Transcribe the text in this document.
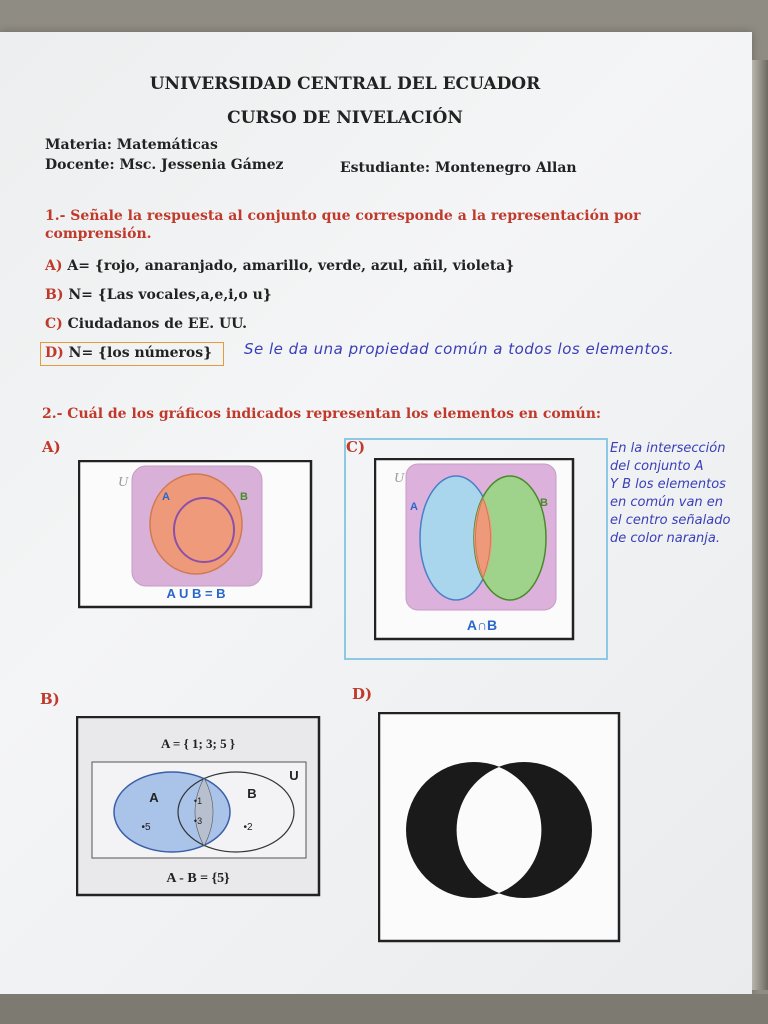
UNIVERSIDAD CENTRAL DEL ECUADOR
CURSO DE NIVELACIÓN
Materia: Matemáticas
Docente: Msc. Jessenia Gámez	Estudiante: Montenegro Allan
1.- Señale la respuesta al conjunto que corresponde a la representación por
comprensión.
A) A= {rojo, anaranjado, amarillo, verde, azul, añil, violeta}
B) N= {Las vocales,a,e,i,o u}
C) Ciudadanos de EE. UU.
D) N= {los números} Se le da una propiedad común a todos los elementos.
2.- Cuál de los gráficos indicados representan los elementos en común:
A)
U
A	B
A U B = B
C)
U
A	B
A∩B
En la intersección
del conjunto A
Y B los elementos
en común van en
el centro señalado
de color naranja.
B)
A = { 1; 3; 5 }
U
A	B
•5
•1
•3
•2
A - B = {5}
D)
